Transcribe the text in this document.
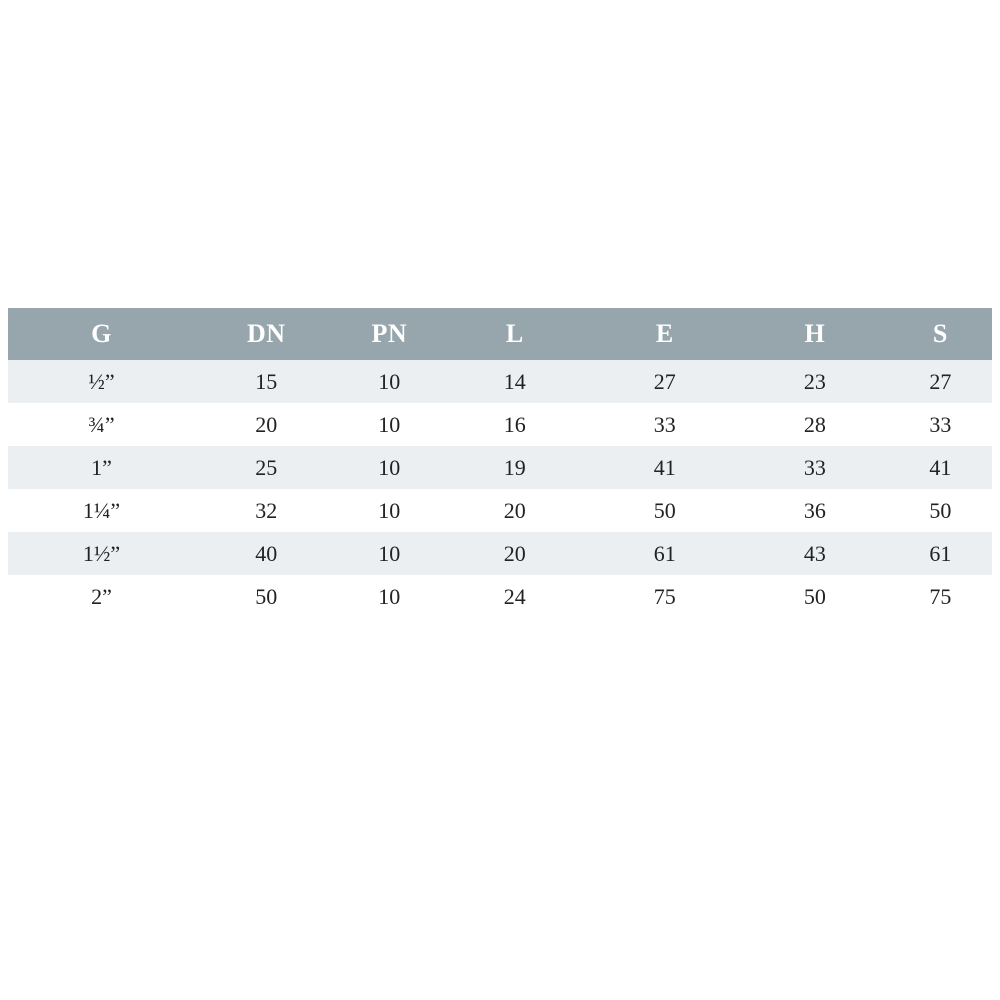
G	DN	PN	L	E	H	S
½”	15	10	14	27	23	27
¾”	20	10	16	33	28	33
1”	25	10	19	41	33	41
1¼”	32	10	20	50	36	50
1½”	40	10	20	61	43	61
2”	50	10	24	75	50	75
